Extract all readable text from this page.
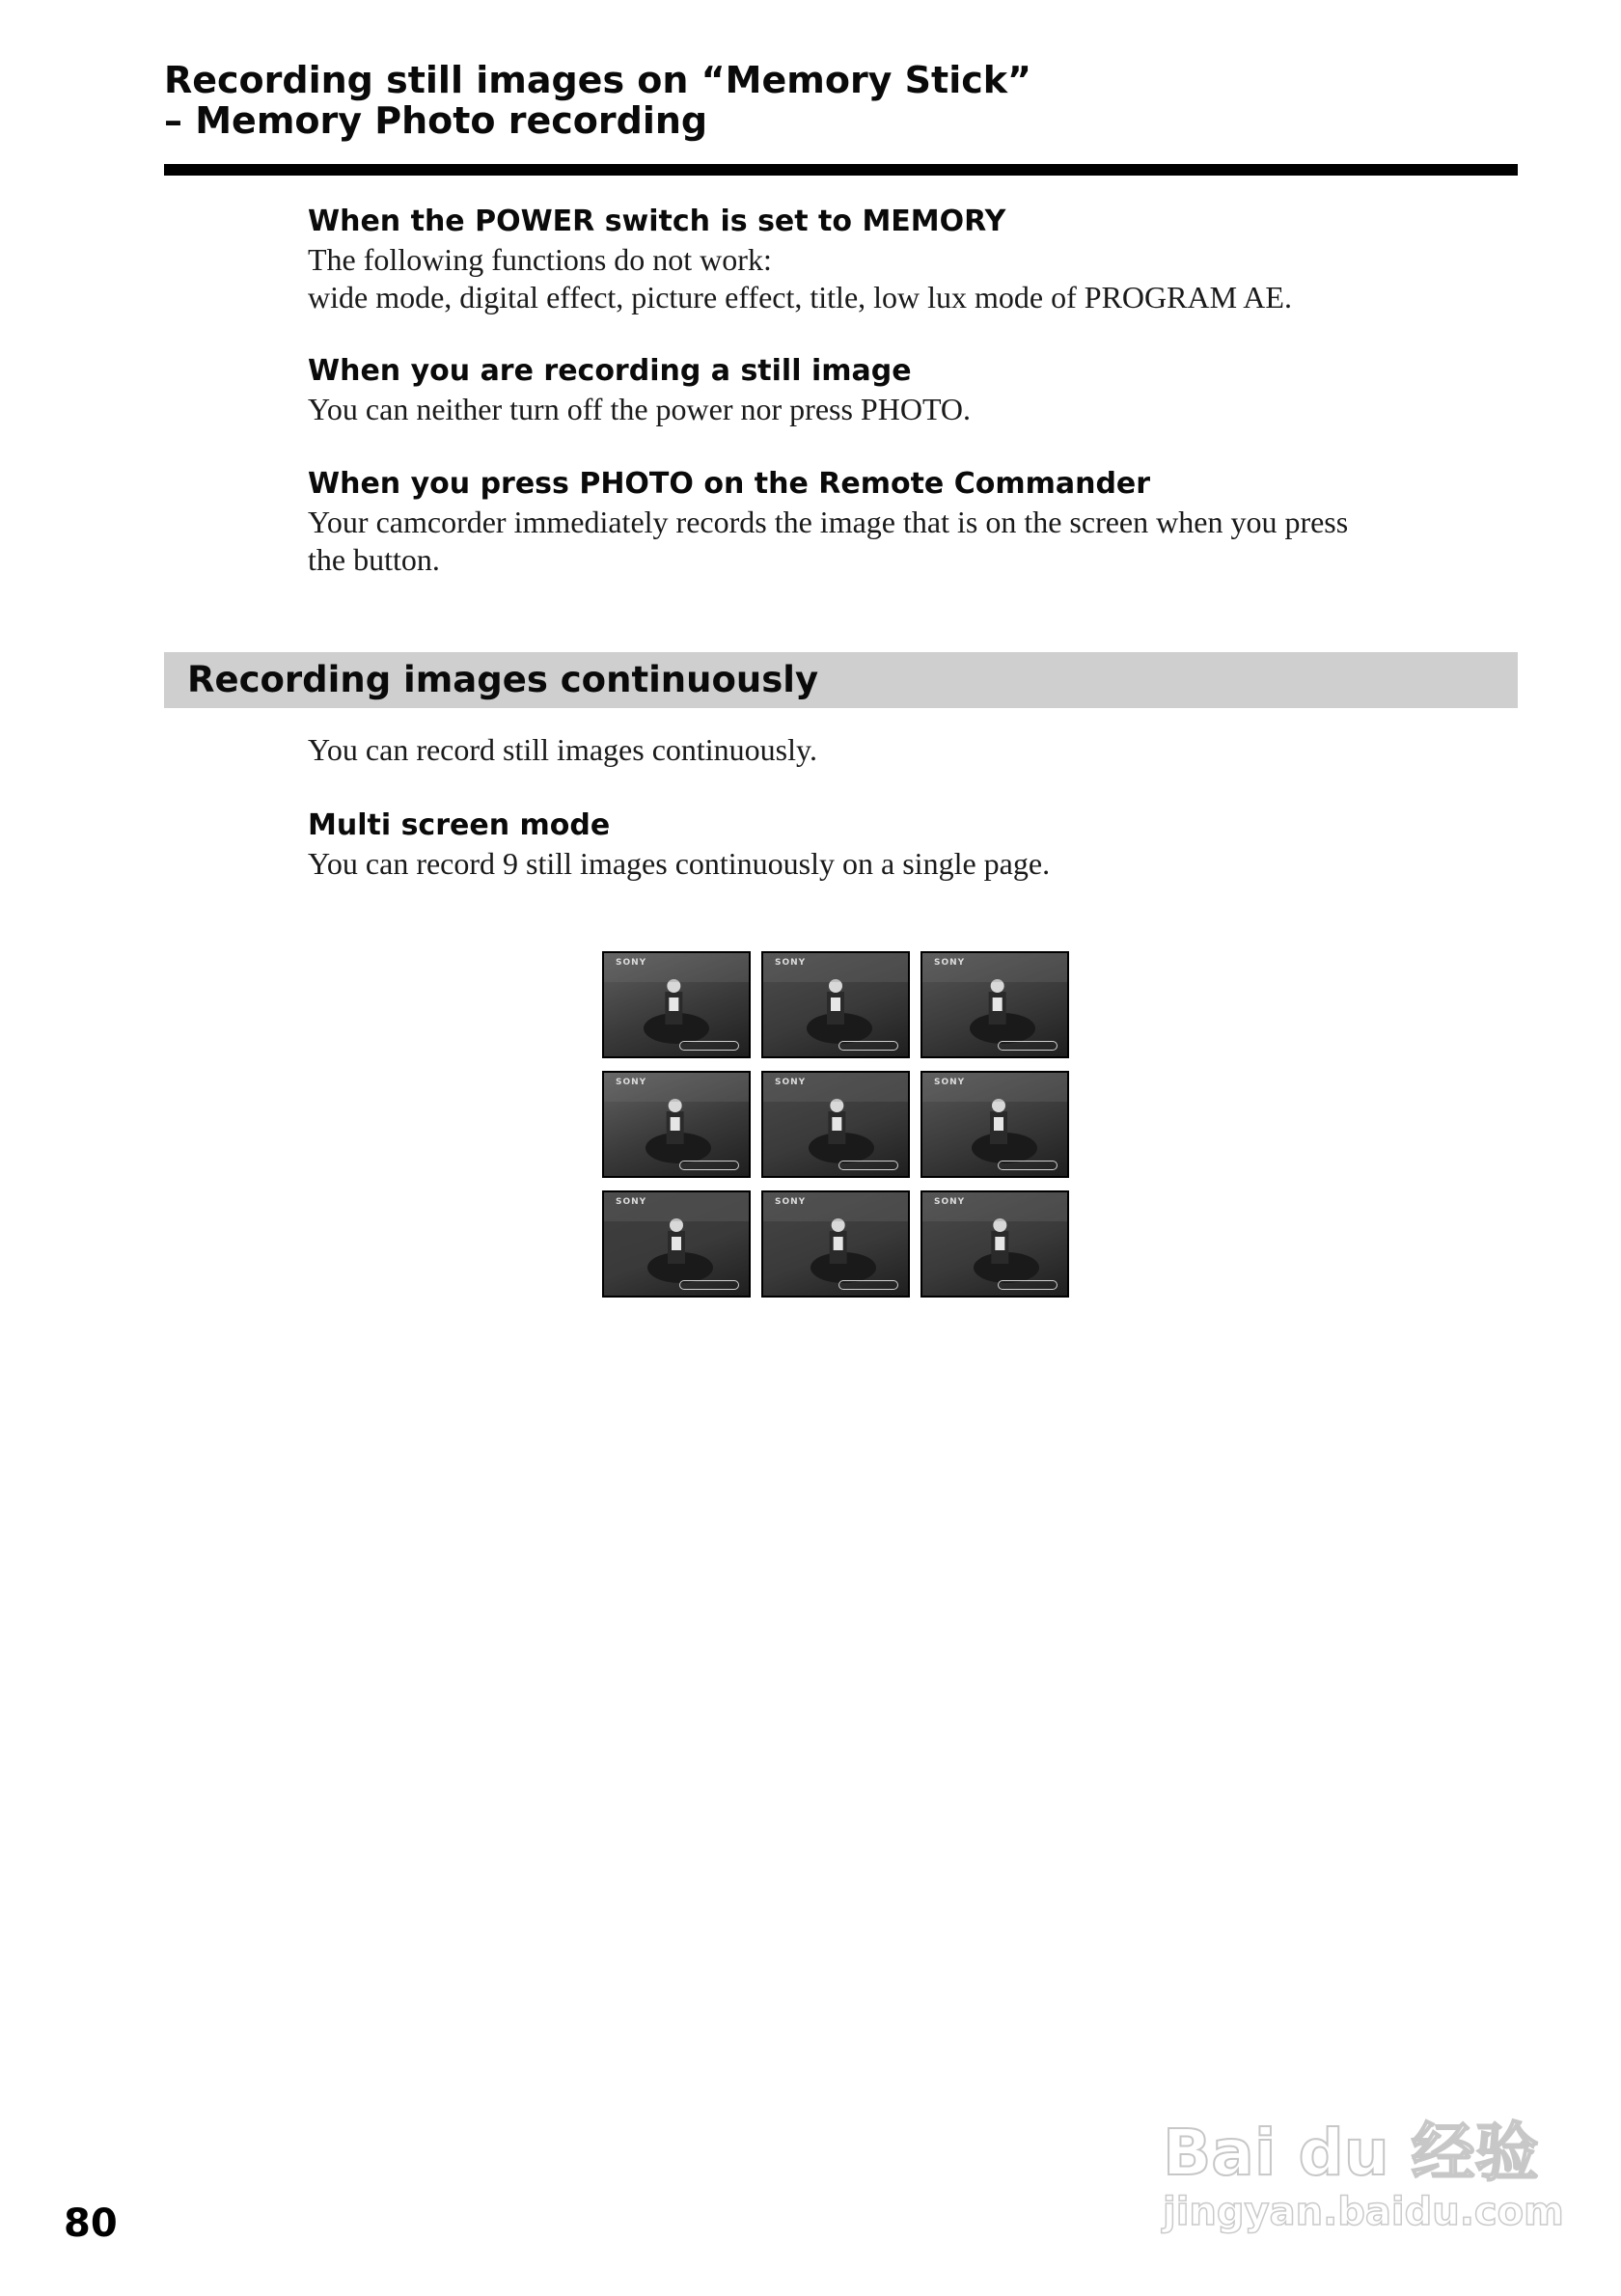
Recording still images on “Memory Stick”
– Memory Photo recording
When the POWER switch is set to MEMORY
The following functions do not work:
wide mode, digital effect, picture effect, title, low lux mode of PROGRAM AE.
When you are recording a still image
You can neither turn off the power nor press PHOTO.
When you press PHOTO on the Remote Commander
Your camcorder immediately records the image that is on the screen when you press
the button.
Recording images continuously
You can record still images continuously.
Multi screen mode
You can record 9 still images continuously on a single page.
SONY	SONY	SONY
SONY	SONY	SONY
SONY	SONY	SONY
80
Bai du 经验
jingyan.baidu.com
